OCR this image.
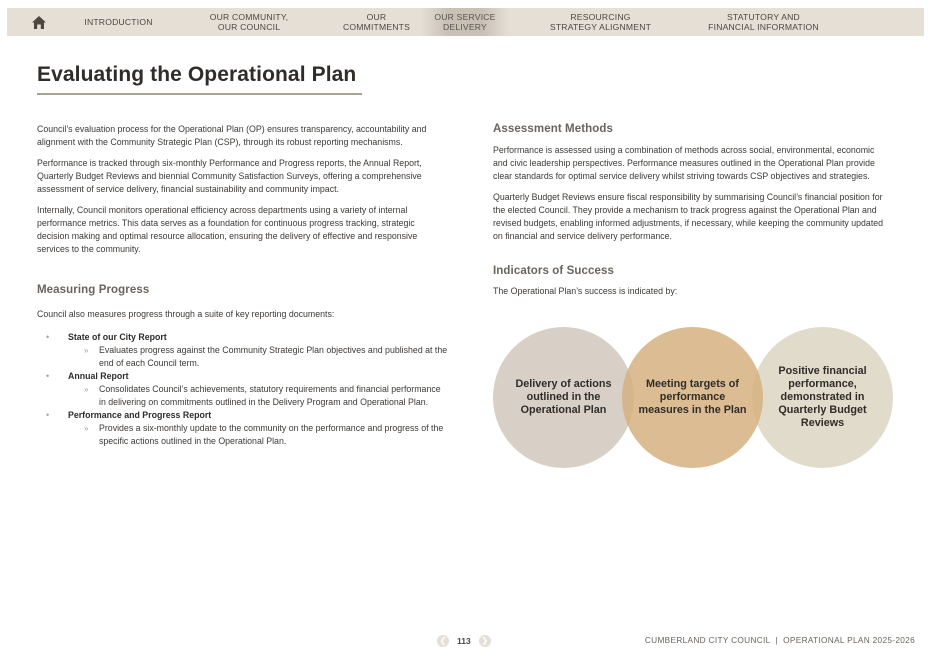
INTRODUCTION	OUR COMMUNITY,
OUR COUNCIL
OUR
COMMITMENTS
OUR SERVICE
DELIVERY
RESOURCING
STRATEGY ALIGNMENT
STATUTORY AND
FINANCIAL INFORMATION
Evaluating the Operational Plan

Council’s evaluation process for the Operational Plan (OP) ensures transparency, accountability and alignment with the Community Strategic Plan (CSP), through its robust reporting mechanisms.

Performance is tracked through six-monthly Performance and Progress reports, the Annual Report, Quarterly Budget Reviews and biennial Community Satisfaction Surveys, offering a comprehensive assessment of service delivery, financial sustainability and community impact.

Internally, Council monitors operational efficiency across departments using a variety of internal performance metrics. This data serves as a foundation for continuous progress tracking, strategic decision making and optimal resource allocation, ensuring the delivery of effective and responsive services to the community.

Measuring Progress

Council also measures progress through a suite of key reporting documents:

• State of our City Report
» Evaluates progress against the Community Strategic Plan objectives and published at the end of each Council term.
• Annual Report
» Consolidates Council’s achievements, statutory requirements and financial performance in delivering on commitments outlined in the Delivery Program and Operational Plan.
• Performance and Progress Report
» Provides a six-monthly update to the community on the performance and progress of the specific actions outlined in the Operational Plan.
Assessment Methods

Performance is assessed using a combination of methods across social, environmental, economic and civic leadership perspectives. Performance measures outlined in the Operational Plan provide clear standards for optimal service delivery whilst striving towards CSP objectives and strategies.

Quarterly Budget Reviews ensure fiscal responsibility by summarising Council’s financial position for the elected Council. They provide a mechanism to track progress against the Operational Plan and revised budgets, enabling informed adjustments, if necessary, while keeping the community updated on financial and service delivery performance.

Indicators of Success

The Operational Plan’s success is indicated by:

Delivery of actions outlined in the Operational Plan
Positive financial performance, demonstrated in Quarterly Budget Reviews
Meeting targets of performance measures in the Plan
❮	113	❯	CUMBERLAND CITY COUNCIL  |  OPERATIONAL PLAN 2025-2026
